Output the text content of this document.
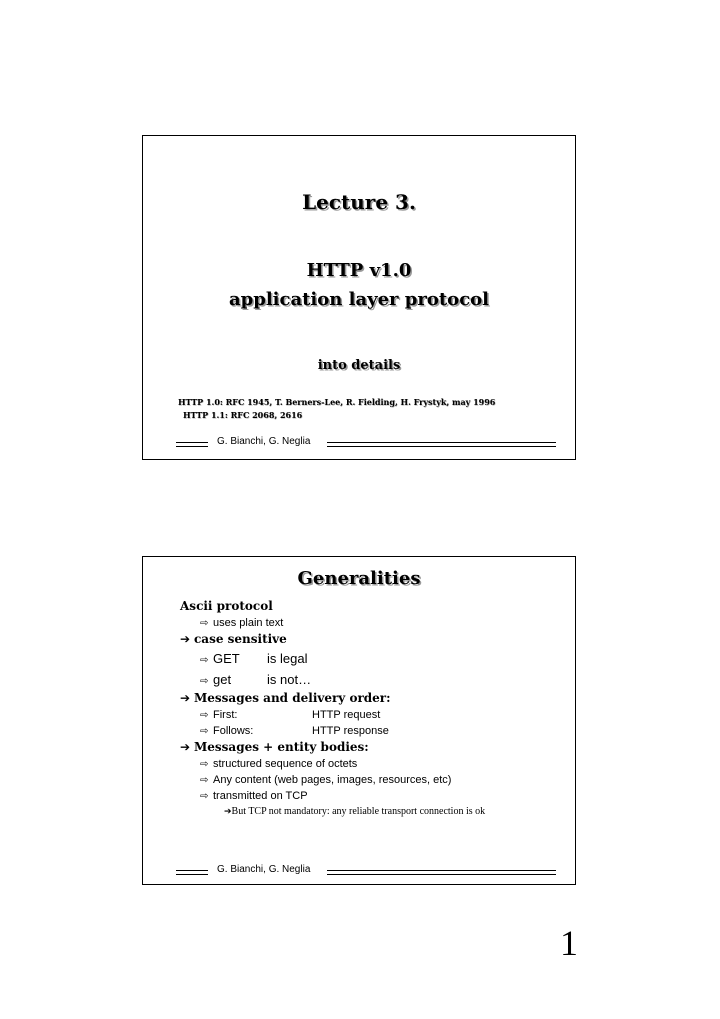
Lecture 3.
HTTP v1.0
application layer protocol
into details
HTTP 1.0: RFC 1945, T. Berners-Lee, R. Fielding, H. Frystyk, may 1996
HTTP 1.1: RFC 2068, 2616
G. Bianchi, G. Neglia
Generalities
Ascii protocol
⇨ uses plain text
➔ case sensitive
⇨ GET is legal
⇨ get	is not…
➔ Messages and delivery order:
⇨ First:	HTTP request
⇨ Follows:	HTTP response
➔ Messages + entity bodies:
⇨ structured sequence of octets
⇨ Any content (web pages, images, resources, etc)
⇨ transmitted on TCP
➔But TCP not mandatory: any reliable transport connection is ok
G. Bianchi, G. Neglia
1
